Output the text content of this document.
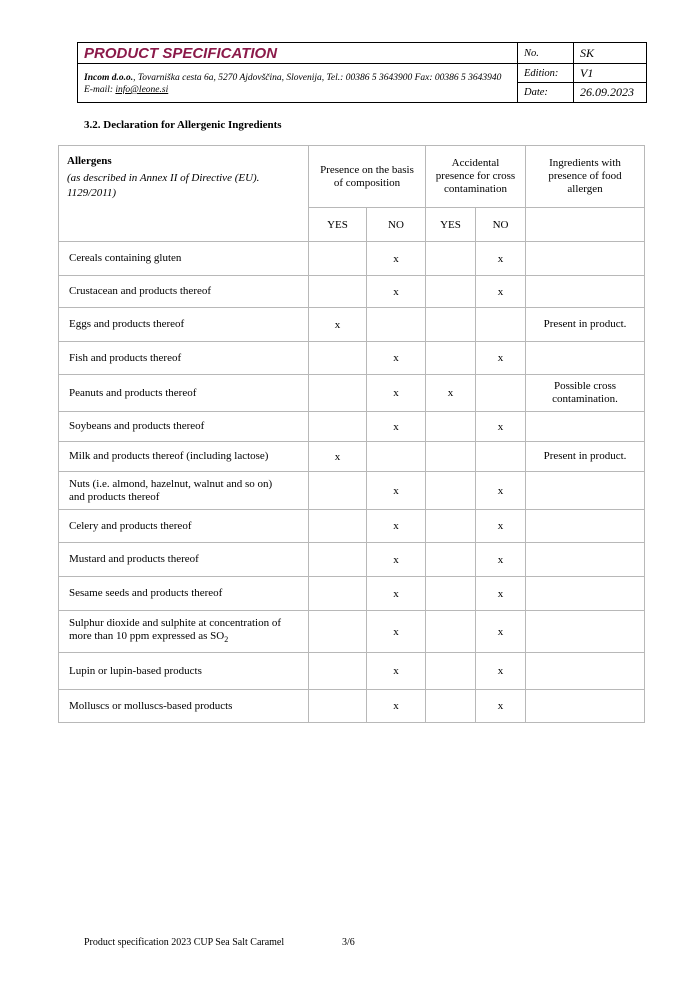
PRODUCT SPECIFICATION	No.	SK
Incom d.o.o., Tovarniška cesta 6a, 5270 Ajdovščina, Slovenija, Tel.: 00386 5 3643900 Fax: 00386 5 3643940 E-mail: info@leone.si	Edition:	V1
	Date:	26.09.2023
3.2. Declaration for Allergenic Ingredients
Allergens
(as described in Annex II of Directive (EU). 1129/2011)	Presence on the basis of composition		Accidental presence for cross contamination		Ingredients with presence of food allergen
	YES	NO	YES	NO	
Cereals containing gluten		x		x	
Crustacean and products thereof		x		x	
Eggs and products thereof	x				Present in product.
Fish and products thereof		x		x	
Peanuts and products thereof		x	x		Possible cross contamination.
Soybeans and products thereof		x		x	
Milk and products thereof (including lactose)	x				Present in product.
Nuts (i.e. almond, hazelnut, walnut and so on) and products thereof		x		x	
Celery and products thereof		x		x	
Mustard and products thereof		x		x	
Sesame seeds and products thereof		x		x	
Sulphur dioxide and sulphite at concentration of more than 10 ppm expressed as $SO_2$		x		x	
Lupin or lupin-based products		x		x	
Molluscs or molluscs-based products		x		x	
Product specification 2023 CUP Sea Salt Caramel	3/6
